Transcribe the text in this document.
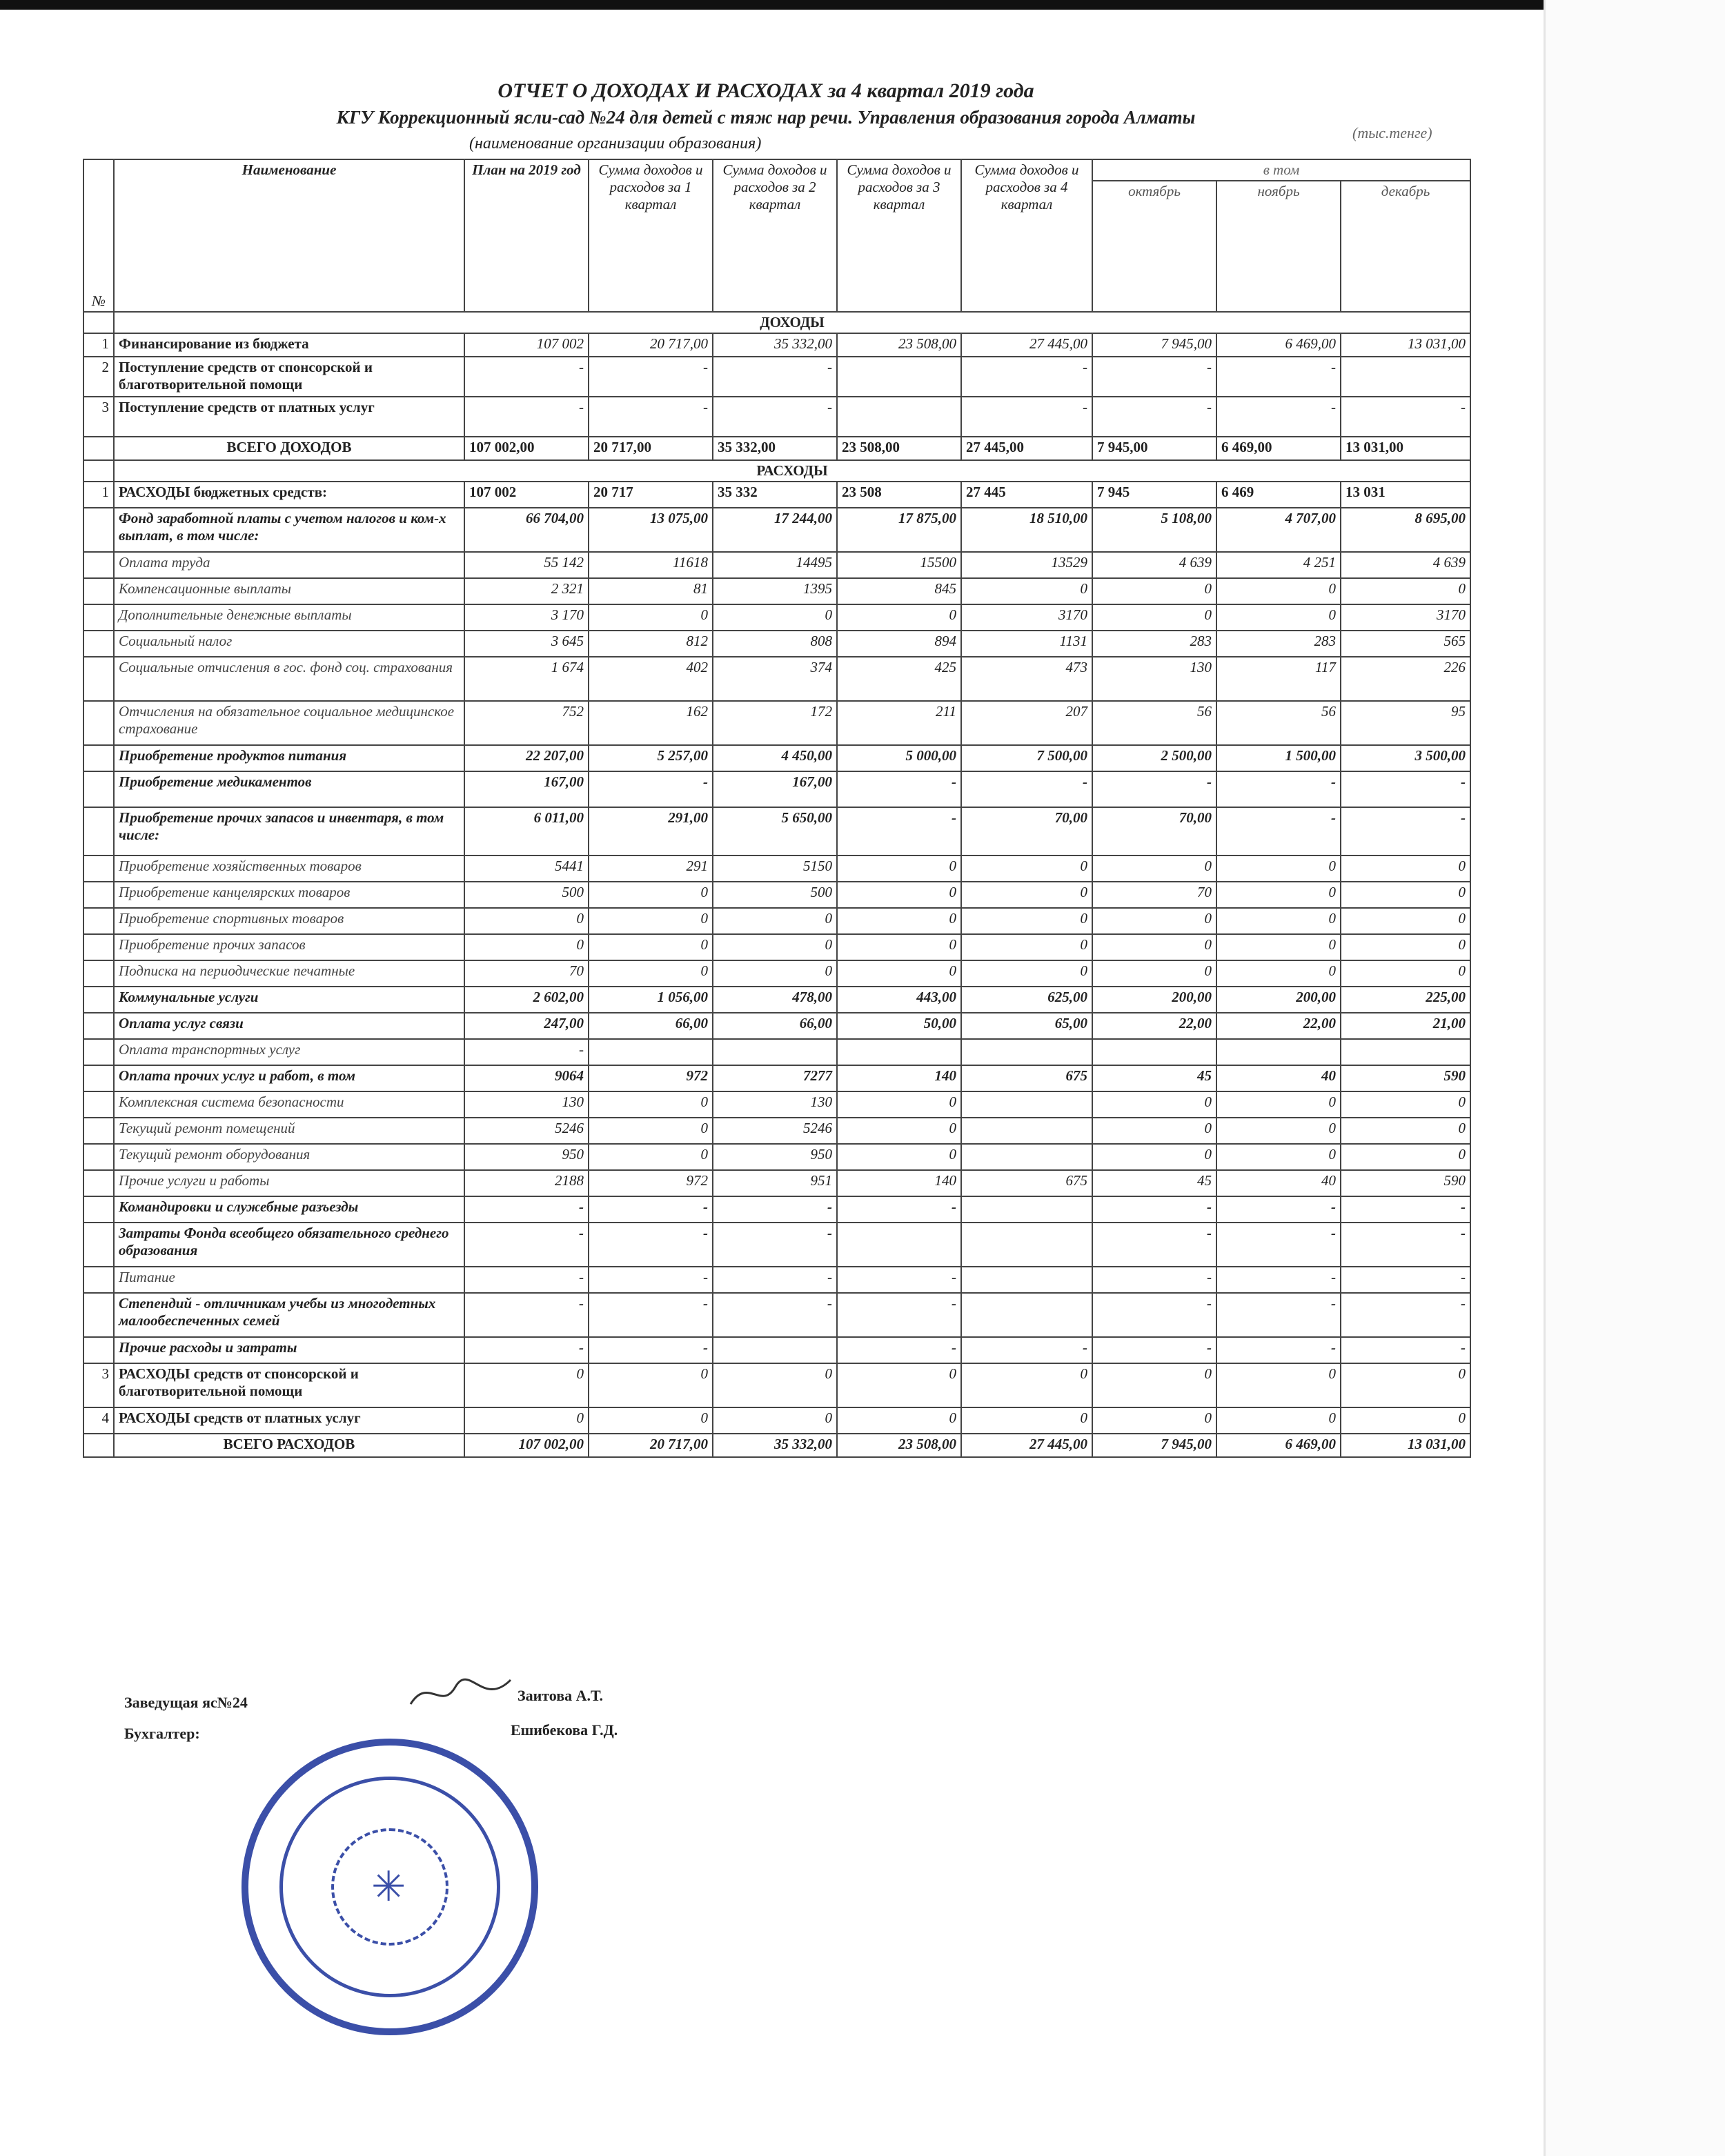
ОТЧЕТ О ДОХОДАХ И РАСХОДАХ за 4 квартал 2019 года
КГУ Коррекционный ясли-сад №24 для детей с тяж нар речи. Управления образования города Алматы
(наименование организации образования)
(тыс.тенге)
№	Наименование	План на 2019 год	Сумма доходов и расходов за 1 квартал	Сумма доходов и расходов за 2 квартал	Сумма доходов и расходов за 3 квартал	Сумма доходов и расходов за 4 квартал	в том		
							октябрь	ноябрь	декабрь
	ДОХОДЫ								
1	Финансирование из бюджета	107 002	20 717,00	35 332,00	23 508,00	27 445,00	7 945,00	6 469,00	13 031,00
2	Поступление средств от спонсорской и благотворительной помощи	-	-	-		-	-	-	
3	Поступление средств от платных услуг	-	-	-		-	-	-	-
	ВСЕГО ДОХОДОВ	107 002,00	20 717,00	35 332,00	23 508,00	27 445,00	7 945,00	6 469,00	13 031,00
	РАСХОДЫ								
1	РАСХОДЫ бюджетных средств:	107 002	20 717	35 332	23 508	27 445	7 945	6 469	13 031
	Фонд заработной платы с учетом налогов и ком-х выплат, в том числе:	66 704,00	13 075,00	17 244,00	17 875,00	18 510,00	5 108,00	4 707,00	8 695,00
	Оплата труда	55 142	11618	14495	15500	13529	4 639	4 251	4 639
	Компенсационные выплаты	2 321	81	1395	845	0	0	0	0
	Дополнительные денежные выплаты	3 170	0	0	0	3170	0	0	3170
	Социальный налог	3 645	812	808	894	1131	283	283	565
	Социальные отчисления в гос. фонд соц. страхования	1 674	402	374	425	473	130	117	226
	Отчисления на обязательное социальное медицинское страхование	752	162	172	211	207	56	56	95
	Приобретение продуктов питания	22 207,00	5 257,00	4 450,00	5 000,00	7 500,00	2 500,00	1 500,00	3 500,00
	Приобретение медикаментов	167,00	-	167,00	-	-	-	-	-
	Приобретение прочих запасов и инвентаря, в том числе:	6 011,00	291,00	5 650,00	-	70,00	70,00	-	-
	Приобретение хозяйственных товаров	5441	291	5150	0	0	0	0	0
	Приобретение канцелярских товаров	500	0	500	0	0	70	0	0
	Приобретение спортивных товаров	0	0	0	0	0	0	0	0
	Приобретение прочих запасов	0	0	0	0	0	0	0	0
	Подписка на периодические печатные	70	0	0	0	0	0	0	0
	Коммунальные услуги	2 602,00	1 056,00	478,00	443,00	625,00	200,00	200,00	225,00
	Оплата услуг связи	247,00	66,00	66,00	50,00	65,00	22,00	22,00	21,00
	Оплата транспортных услуг	-							
	Оплата прочих услуг и работ, в том	9064	972	7277	140	675	45	40	590
	Комплексная система безопасности	130	0	130	0		0	0	0
	Текущий ремонт помещений	5246	0	5246	0		0	0	0
	Текущий ремонт оборудования	950	0	950	0		0	0	0
	Прочие услуги и работы	2188	972	951	140	675	45	40	590
	Командировки и служебные разъезды	-	-	-	-		-	-	-
	Затраты Фонда всеобщего обязательного среднего образования	-	-	-			-	-	-
	Питание	-	-	-	-		-	-	-
	Степендий - отличникам учебы из многодетных малообеспеченных семей	-	-	-	-		-	-	-
	Прочие расходы и затраты	-	-		-	-	-	-	-
3	РАСХОДЫ средств от спонсорской и благотворительной помощи	0	0	0	0	0	0	0	0
4	РАСХОДЫ средств от платных услуг	0	0	0	0	0	0	0	0
	ВСЕГО РАСХОДОВ	107 002,00	20 717,00	35 332,00	23 508,00	27 445,00	7 945,00	6 469,00	13 031,00
Заведущая яс№24	Заитова А.Т.
Бухгалтер:	Ешибекова Г.Д.
✳
